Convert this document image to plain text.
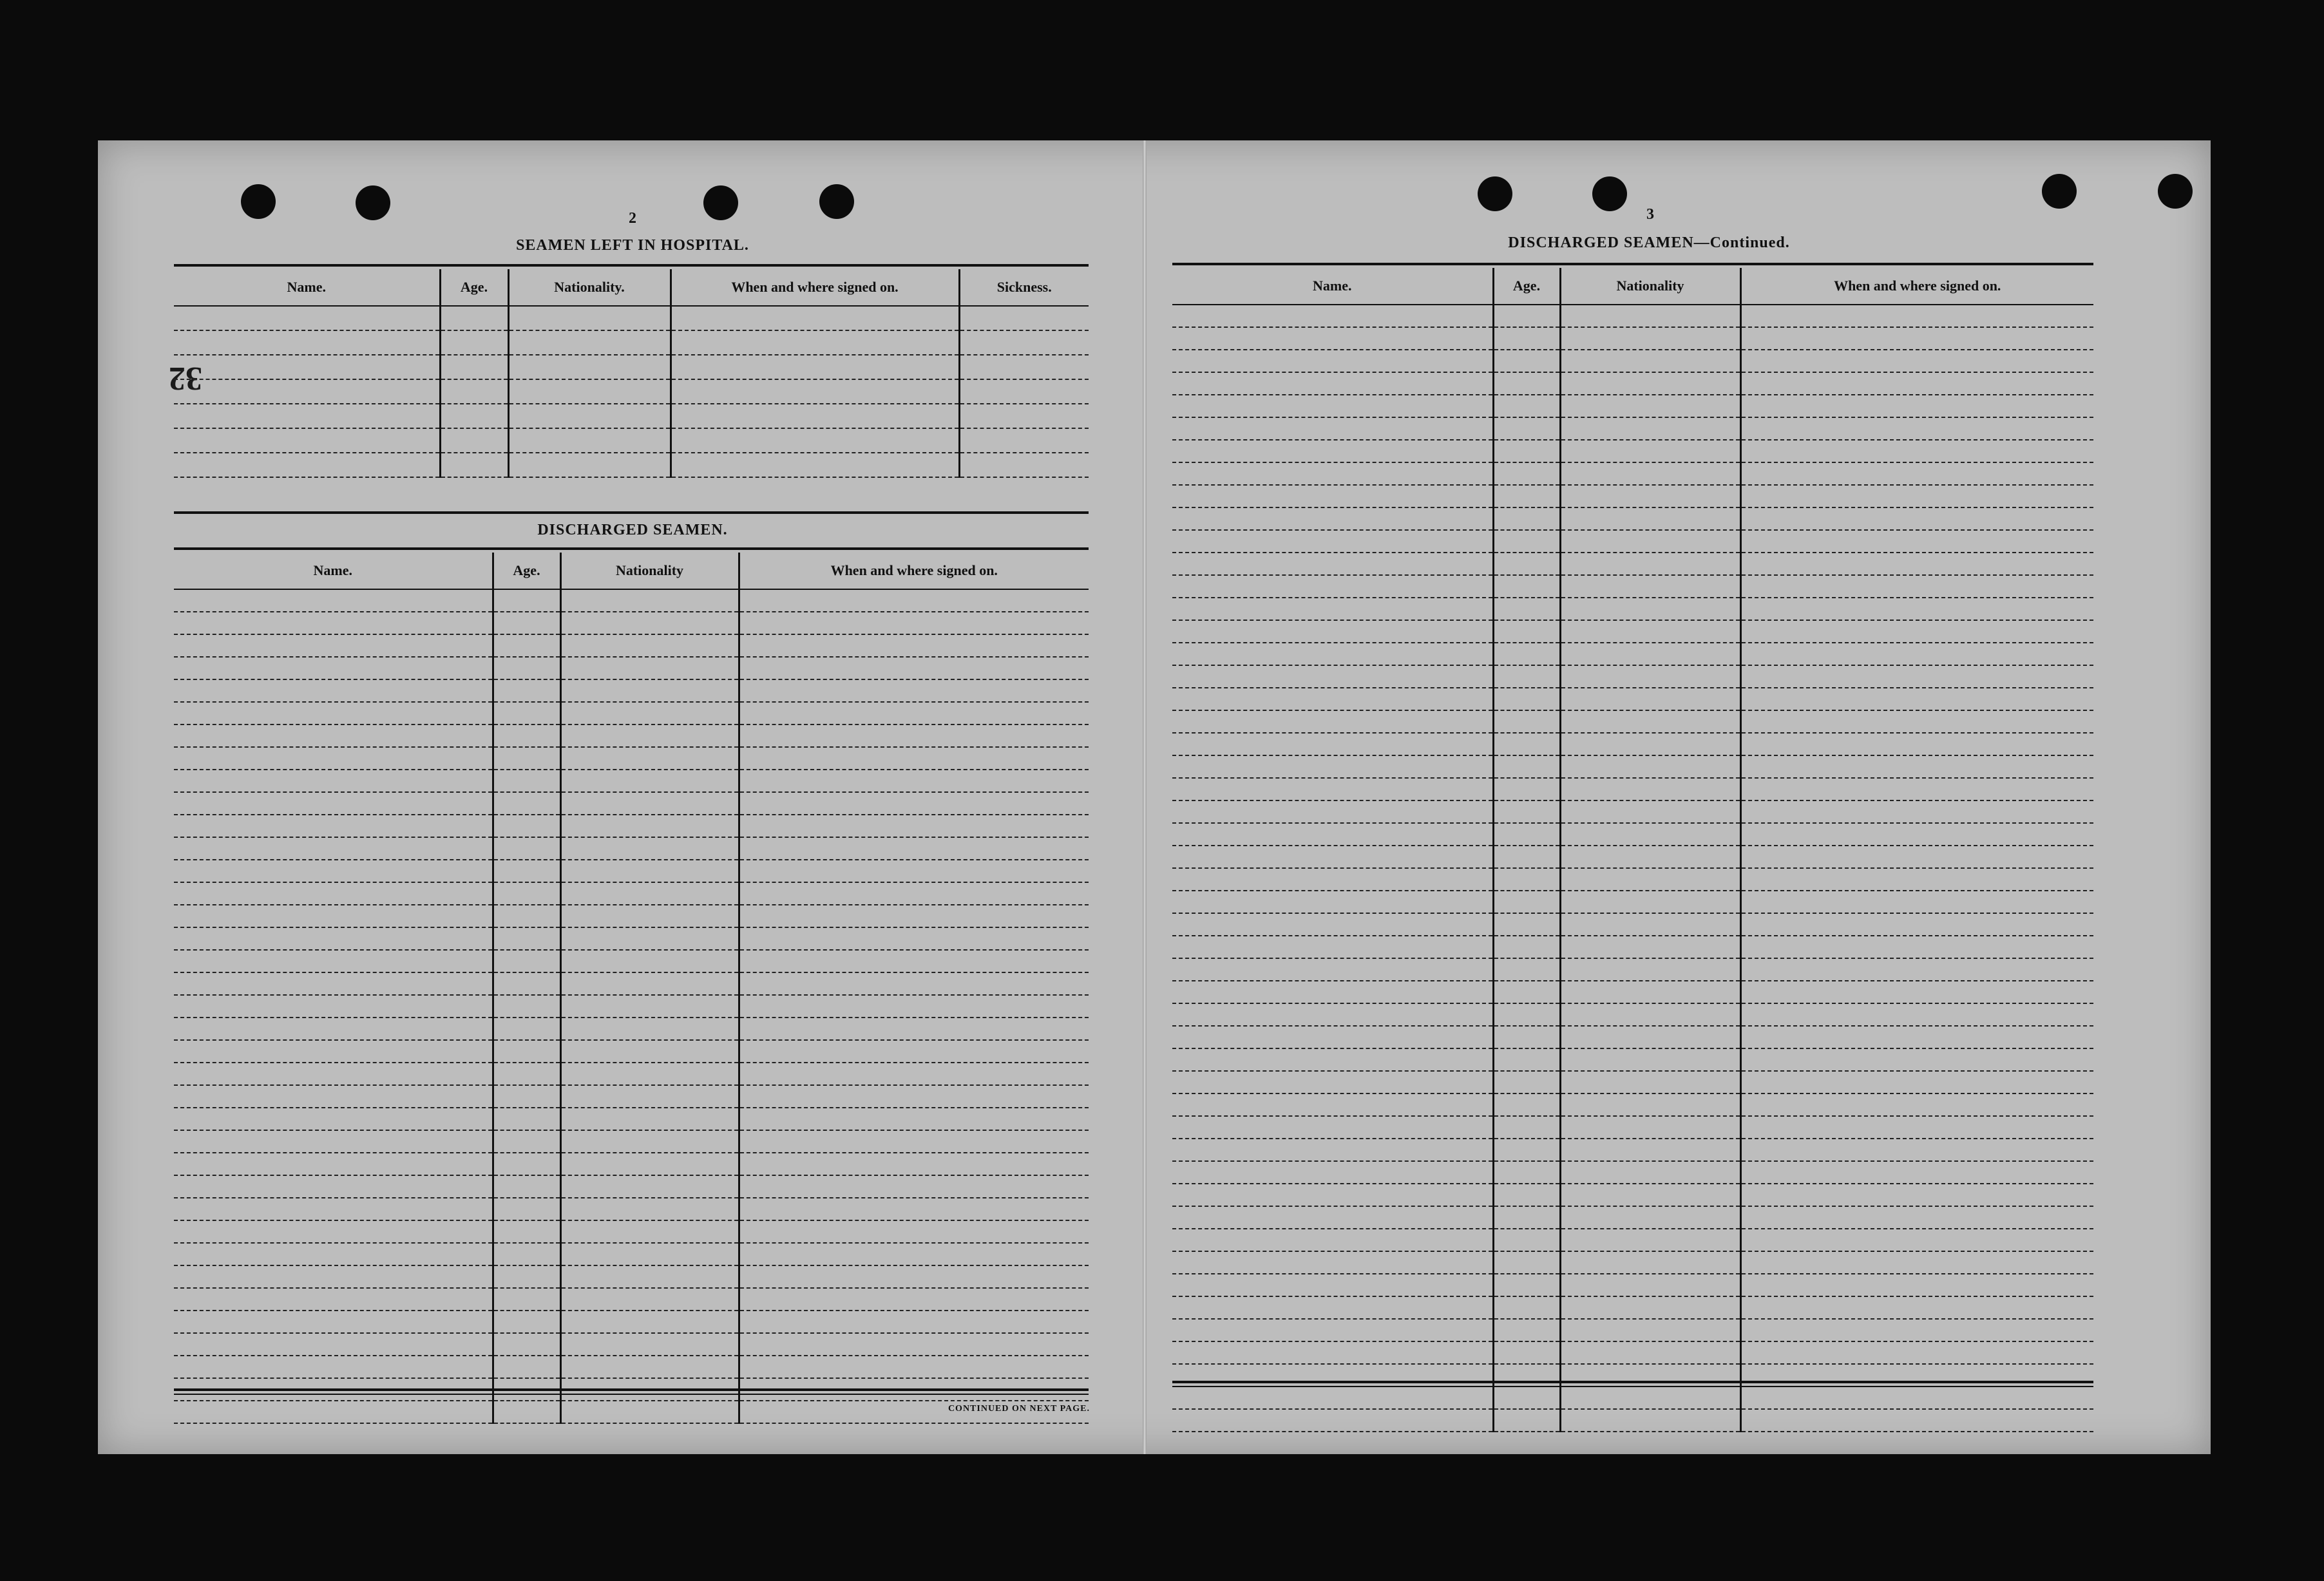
32
2
SEAMEN LEFT IN HOSPITAL.
Name.	Age.	Nationality.	When and where signed on.	Sickness.

DISCHARGED SEAMEN.
Name.	Age.	Nationality	When and where signed on.

CONTINUED ON NEXT PAGE.
3
DISCHARGED SEAMEN—Continued.
Name.	Age.	Nationality	When and where signed on.
